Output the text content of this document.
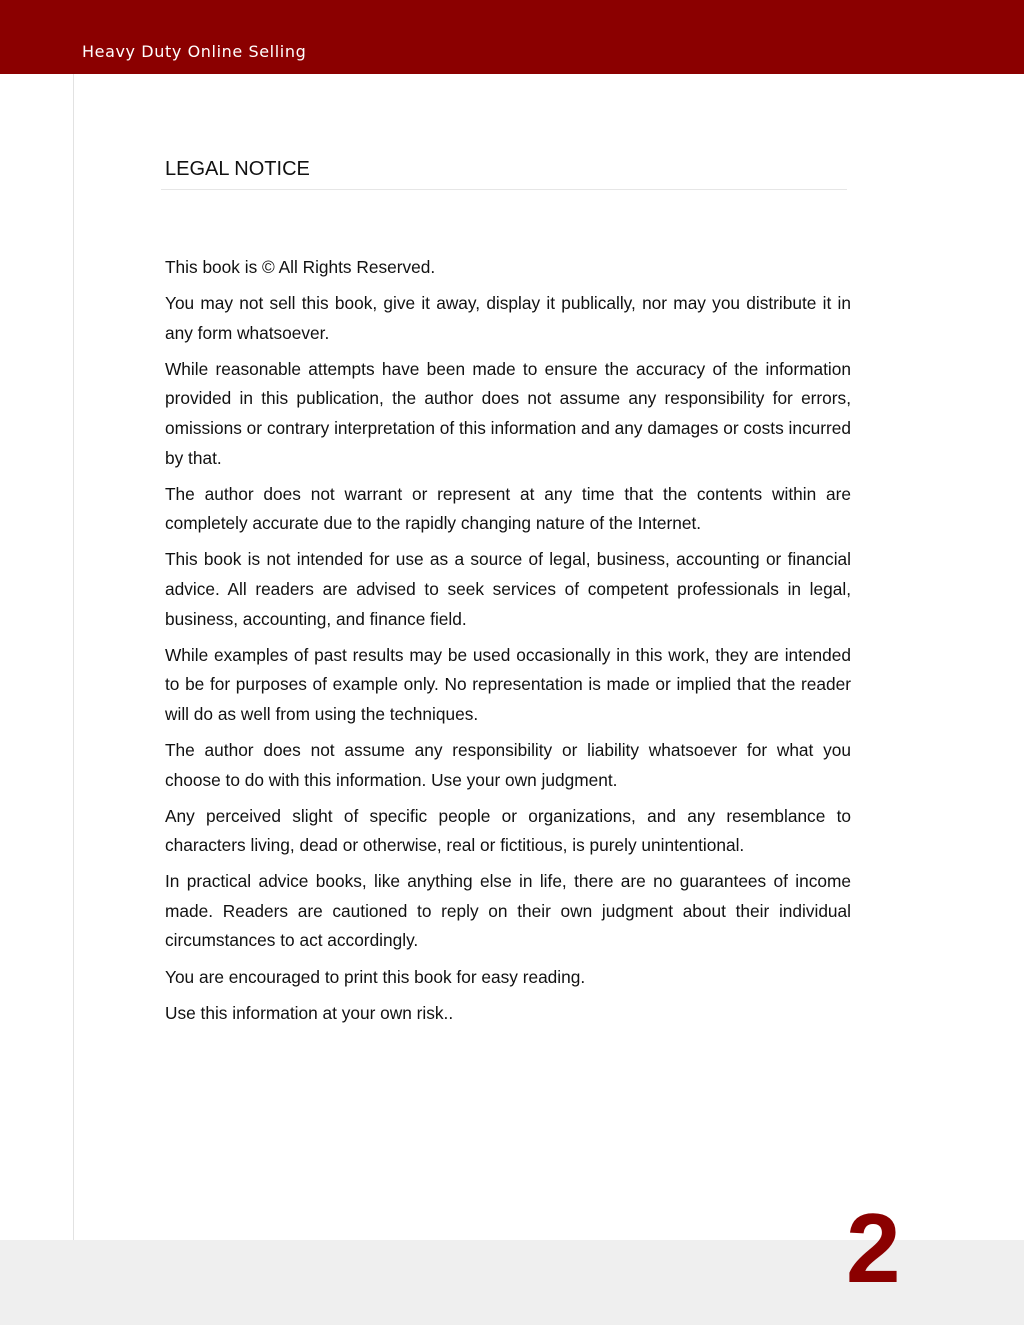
Heavy Duty Online Selling
LEGAL NOTICE

This book is © All Rights Reserved.

You may not sell this book, give it away, display it publically, nor may you distribute it in any form whatsoever.

While reasonable attempts have been made to ensure the accuracy of the information provided in this publication, the author does not assume any responsibility for errors, omissions or contrary interpretation of this information and any damages or costs incurred by that.

The author does not warrant or represent at any time that the contents within are completely accurate due to the rapidly changing nature of the Internet.

This book is not intended for use as a source of legal, business, accounting or financial advice. All readers are advised to seek services of competent professionals in legal, business, accounting, and finance field.

While examples of past results may be used occasionally in this work, they are intended to be for purposes of example only. No representation is made or implied that the reader will do as well from using the techniques.

The author does not assume any responsibility or liability whatsoever for what you choose to do with this information. Use your own judgment.

Any perceived slight of specific people or organizations, and any resemblance to characters living, dead or otherwise, real or fictitious, is purely unintentional.

In practical advice books, like anything else in life, there are no guarantees of income made. Readers are cautioned to reply on their own judgment about their individual circumstances to act accordingly.

You are encouraged to print this book for easy reading.

Use this information at your own risk..

2
